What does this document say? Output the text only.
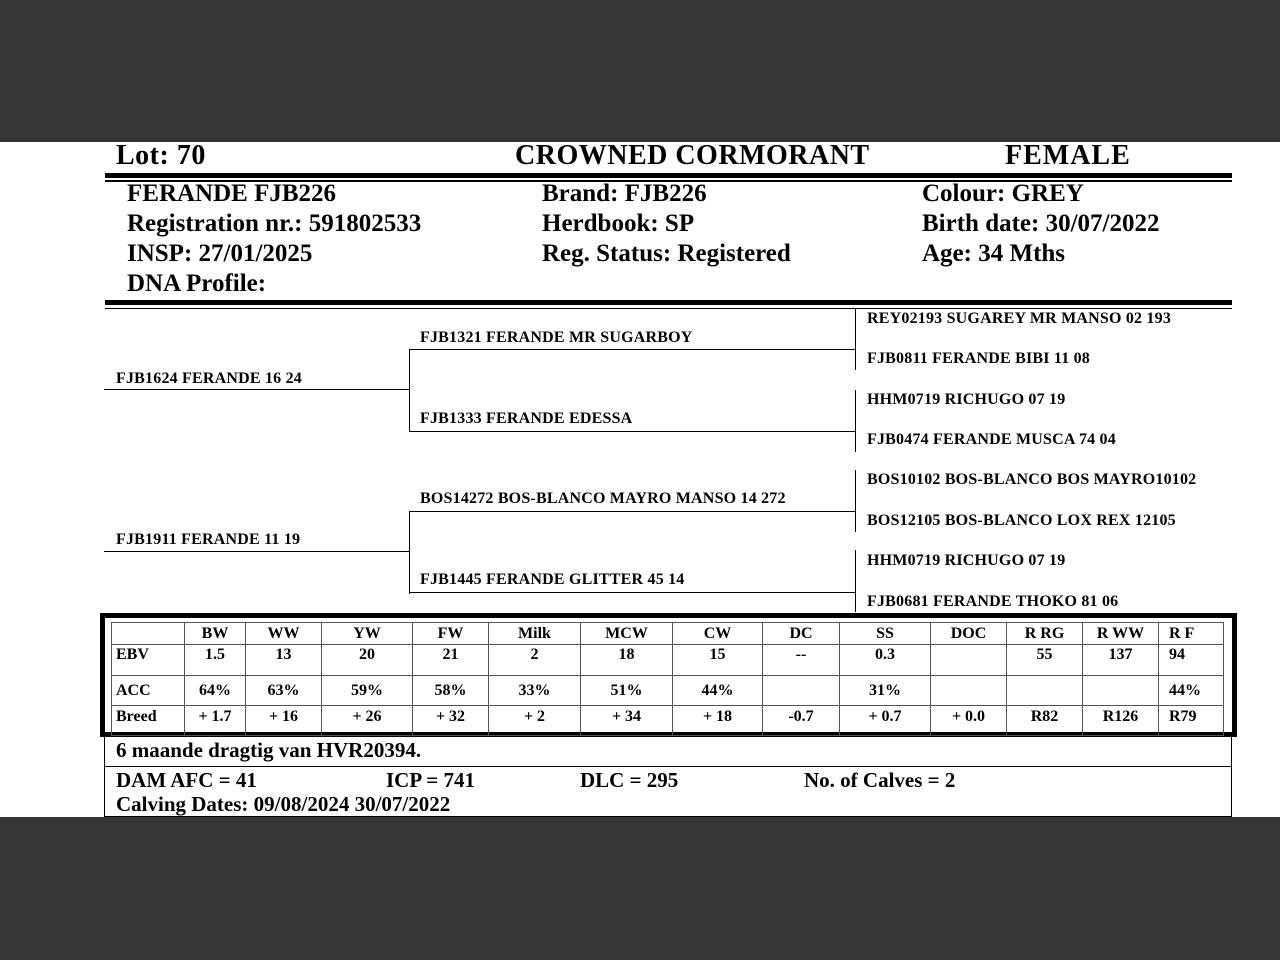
Lot: 70	CROWNED CORMORANT	FEMALE
FERANDE FJB226
Registration nr.: 591802533
INSP: 27/01/2025
DNA Profile:
Brand: FJB226
Herdbook: SP
Reg. Status: Registered
Colour: GREY
Birth date: 30/07/2022
Age: 34 Mths
FJB1624 FERANDE 16 24
FJB1911 FERANDE 11 19
FJB1321 FERANDE MR SUGARBOY
FJB1333 FERANDE EDESSA
BOS14272 BOS-BLANCO MAYRO MANSO 14 272
FJB1445 FERANDE GLITTER 45 14
REY02193 SUGAREY MR MANSO 02 193
FJB0811 FERANDE BIBI 11 08
HHM0719 RICHUGO 07 19
FJB0474 FERANDE MUSCA 74 04
BOS10102 BOS-BLANCO BOS MAYRO10102
BOS12105 BOS-BLANCO LOX REX 12105
HHM0719 RICHUGO 07 19
FJB0681 FERANDE THOKO 81 06
	BW	WW	YW	FW	Milk	MCW	CW	DC	SS	DOC	R RG	R WW	R F
EBV	1.5	13	20	21	2	18	15	--	0.3		55	137	94
ACC	64%	63%	59%	58%	33%	51%	44%		31%				44%
Breed	+ 1.7	+ 16	+ 26	+ 32	+ 2	+ 34	+ 18	-0.7	+ 0.7	+ 0.0	R82	R126	R79
6 maande dragtig van HVR20394.
DAM AFC = 41	ICP = 741	DLC = 295	No. of Calves = 2
Calving Dates: 09/08/2024 30/07/2022
